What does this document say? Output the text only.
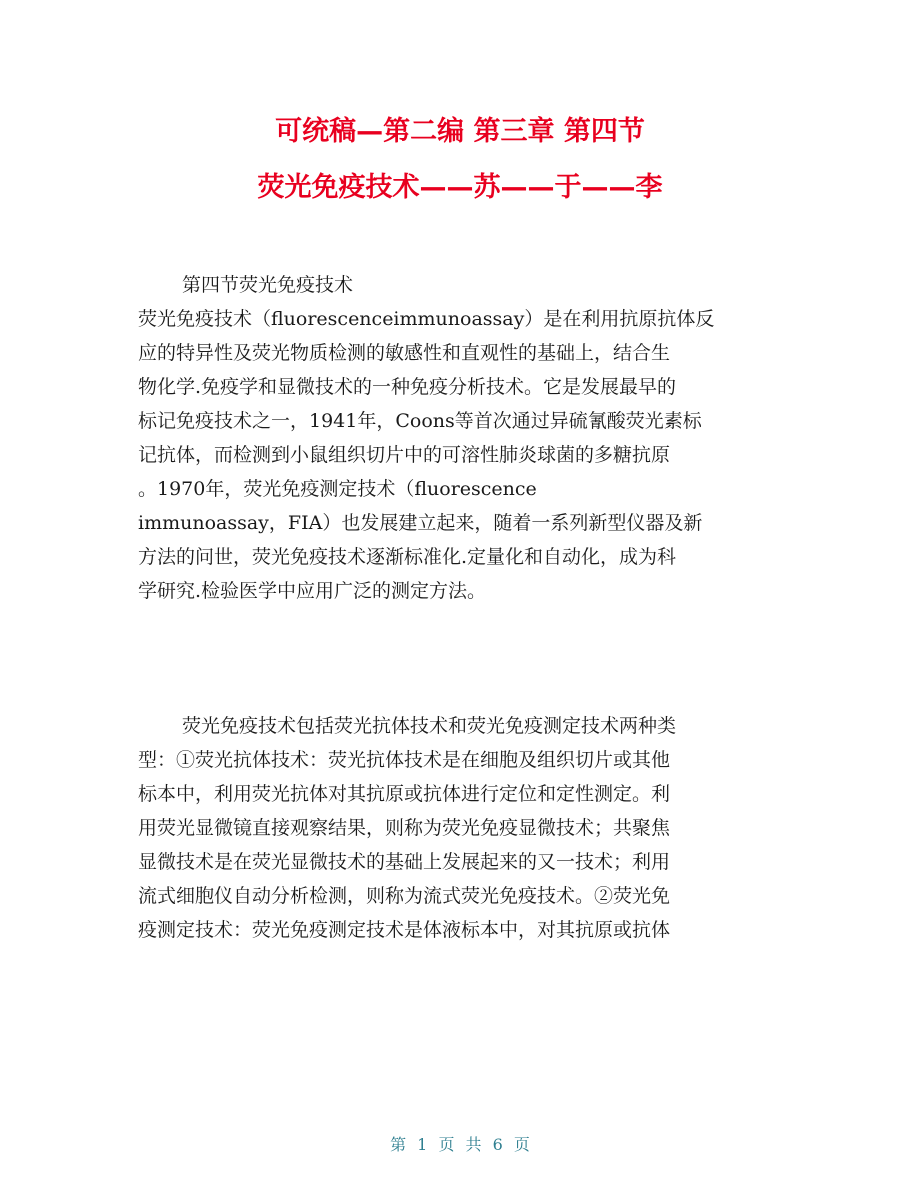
可统稿—第二编 第三章 第四节
荧光免疫技术——苏——于——李
第四节荧光免疫技术
荧光免疫技术（fluorescenceimmunoassay）是在利用抗原抗体反
应的特异性及荧光物质检测的敏感性和直观性的基础上，结合生
物化学.免疫学和显微技术的一种免疫分析技术。它是发展最早的
标记免疫技术之一，1941年，Coons等首次通过异硫氰酸荧光素标
记抗体，而检测到小鼠组织切片中的可溶性肺炎球菌的多糖抗原
。1970年，荧光免疫测定技术（fluorescence
immunoassay，FIA）也发展建立起来，随着一系列新型仪器及新
方法的问世，荧光免疫技术逐渐标准化.定量化和自动化，成为科
学研究.检验医学中应用广泛的测定方法。
荧光免疫技术包括荧光抗体技术和荧光免疫测定技术两种类
型：①荧光抗体技术：荧光抗体技术是在细胞及组织切片或其他
标本中，利用荧光抗体对其抗原或抗体进行定位和定性测定。利
用荧光显微镜直接观察结果，则称为荧光免疫显微技术；共聚焦
显微技术是在荧光显微技术的基础上发展起来的又一技术；利用
流式细胞仪自动分析检测，则称为流式荧光免疫技术。②荧光免
疫测定技术：荧光免疫测定技术是体液标本中，对其抗原或抗体
第 1 页 共 6 页
